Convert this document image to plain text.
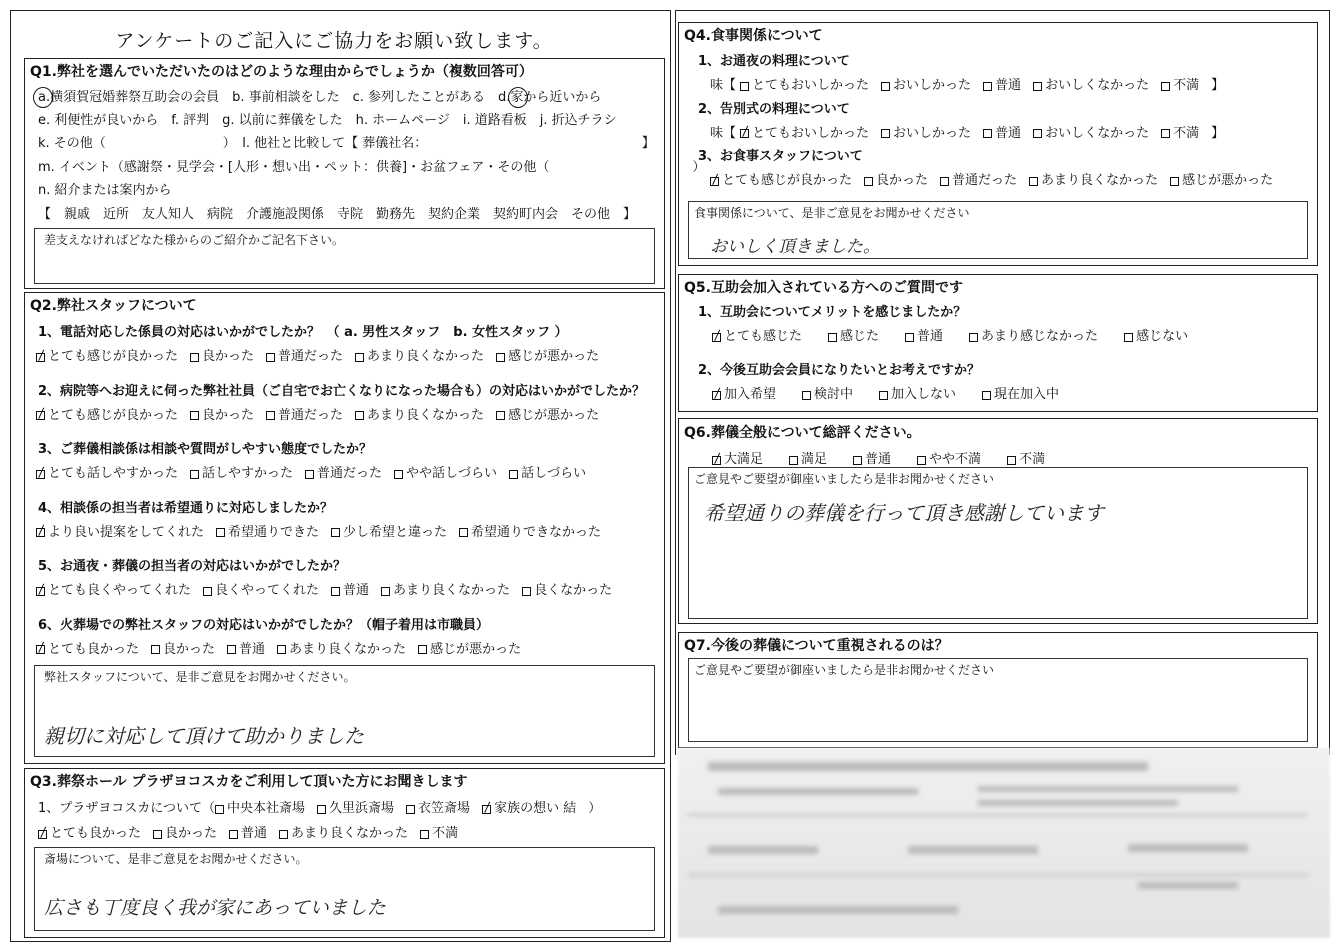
アンケートのご記入にご協力をお願い致します。
Q1.弊社を選んでいただいたのはどのような理由からでしょうか（複数回答可）
a.横須賀冠婚葬祭互助会の会員　b. 事前相談をした　c. 参列したことがある　d.家から近いから
e. 利便性が良いから　f. 評判　g. 以前に葬儀をした　h. ホームページ　i. 道路看板　j. 折込チラシ
k. その他（　　　　　　　　　）　l. 他社と比較して【 葬儀社名：　　　　　　　　　　　　　　　　　】
m. イベント（感謝祭・見学会・[人形・想い出・ペット：供養]・お盆フェア・その他（　　　　　　　　　　　）
n. 紹介または案内から
【　親戚　近所　友人知人　病院　介護施設関係　寺院　勤務先　契約企業　契約町内会　その他　】
差支えなければどなた様からのご紹介かご記名下さい。
Q2.弊社スタッフについて
1、電話対応した係員の対応はいかがでしたか？　（ a. 男性スタッフ　b. 女性スタッフ ）
とても感じが良かった 良かった 普通だった あまり良くなかった 感じが悪かった
2、病院等へお迎えに伺った弊社社員（ご自宅でお亡くなりになった場合も）の対応はいかがでしたか？
とても感じが良かった 良かった 普通だった あまり良くなかった 感じが悪かった
3、ご葬儀相談係は相談や質問がしやすい態度でしたか？
とても話しやすかった 話しやすかった 普通だった やや話しづらい 話しづらい
4、相談係の担当者は希望通りに対応しましたか？
より良い提案をしてくれた 希望通りできた 少し希望と違った 希望通りできなかった
5、お通夜・葬儀の担当者の対応はいかがでしたか？
とても良くやってくれた 良くやってくれた 普通 あまり良くなかった 良くなかった
6、火葬場での弊社スタッフの対応はいかがでしたか？（帽子着用は市職員）
とても良かった 良かった 普通 あまり良くなかった 感じが悪かった
弊社スタッフについて、是非ご意見をお聞かせください。
親切に対応して頂けて助かりました
Q3.葬祭ホール プラザヨコスカをご利用して頂いた方にお聞きします
1、プラザヨコスカについて（ 中央本社斎場 久里浜斎場 衣笠斎場 家族の想い 結 ）
とても良かった 良かった 普通 あまり良くなかった 不満
斎場について、是非ご意見をお聞かせください。
広さも丁度良く我が家にあっていました
Q4.食事関係について
1、お通夜の料理について
味【 とてもおいしかった おいしかった 普通 おいしくなかった 不満 】
2、告別式の料理について
味【 とてもおいしかった おいしかった 普通 おいしくなかった 不満 】
3、お食事スタッフについて
とても感じが良かった 良かった 普通だった あまり良くなかった 感じが悪かった
食事関係について、是非ご意見をお聞かせください
おいしく頂きました。
Q5.互助会加入されている方へのご質問です
1、互助会についてメリットを感じましたか？
とても感じた	感じた	普通	あまり感じなかった	感じない
2、今後互助会会員になりたいとお考えですか？
加入希望	検討中	加入しない	現在加入中
Q6.葬儀全般について総評ください。
大満足	満足	普通	やや不満	不満
ご意見やご要望が御座いましたら是非お聞かせください
希望通りの葬儀を行って頂き感謝しています
Q7.今後の葬儀について重視されるのは？
ご意見やご要望が御座いましたら是非お聞かせください
